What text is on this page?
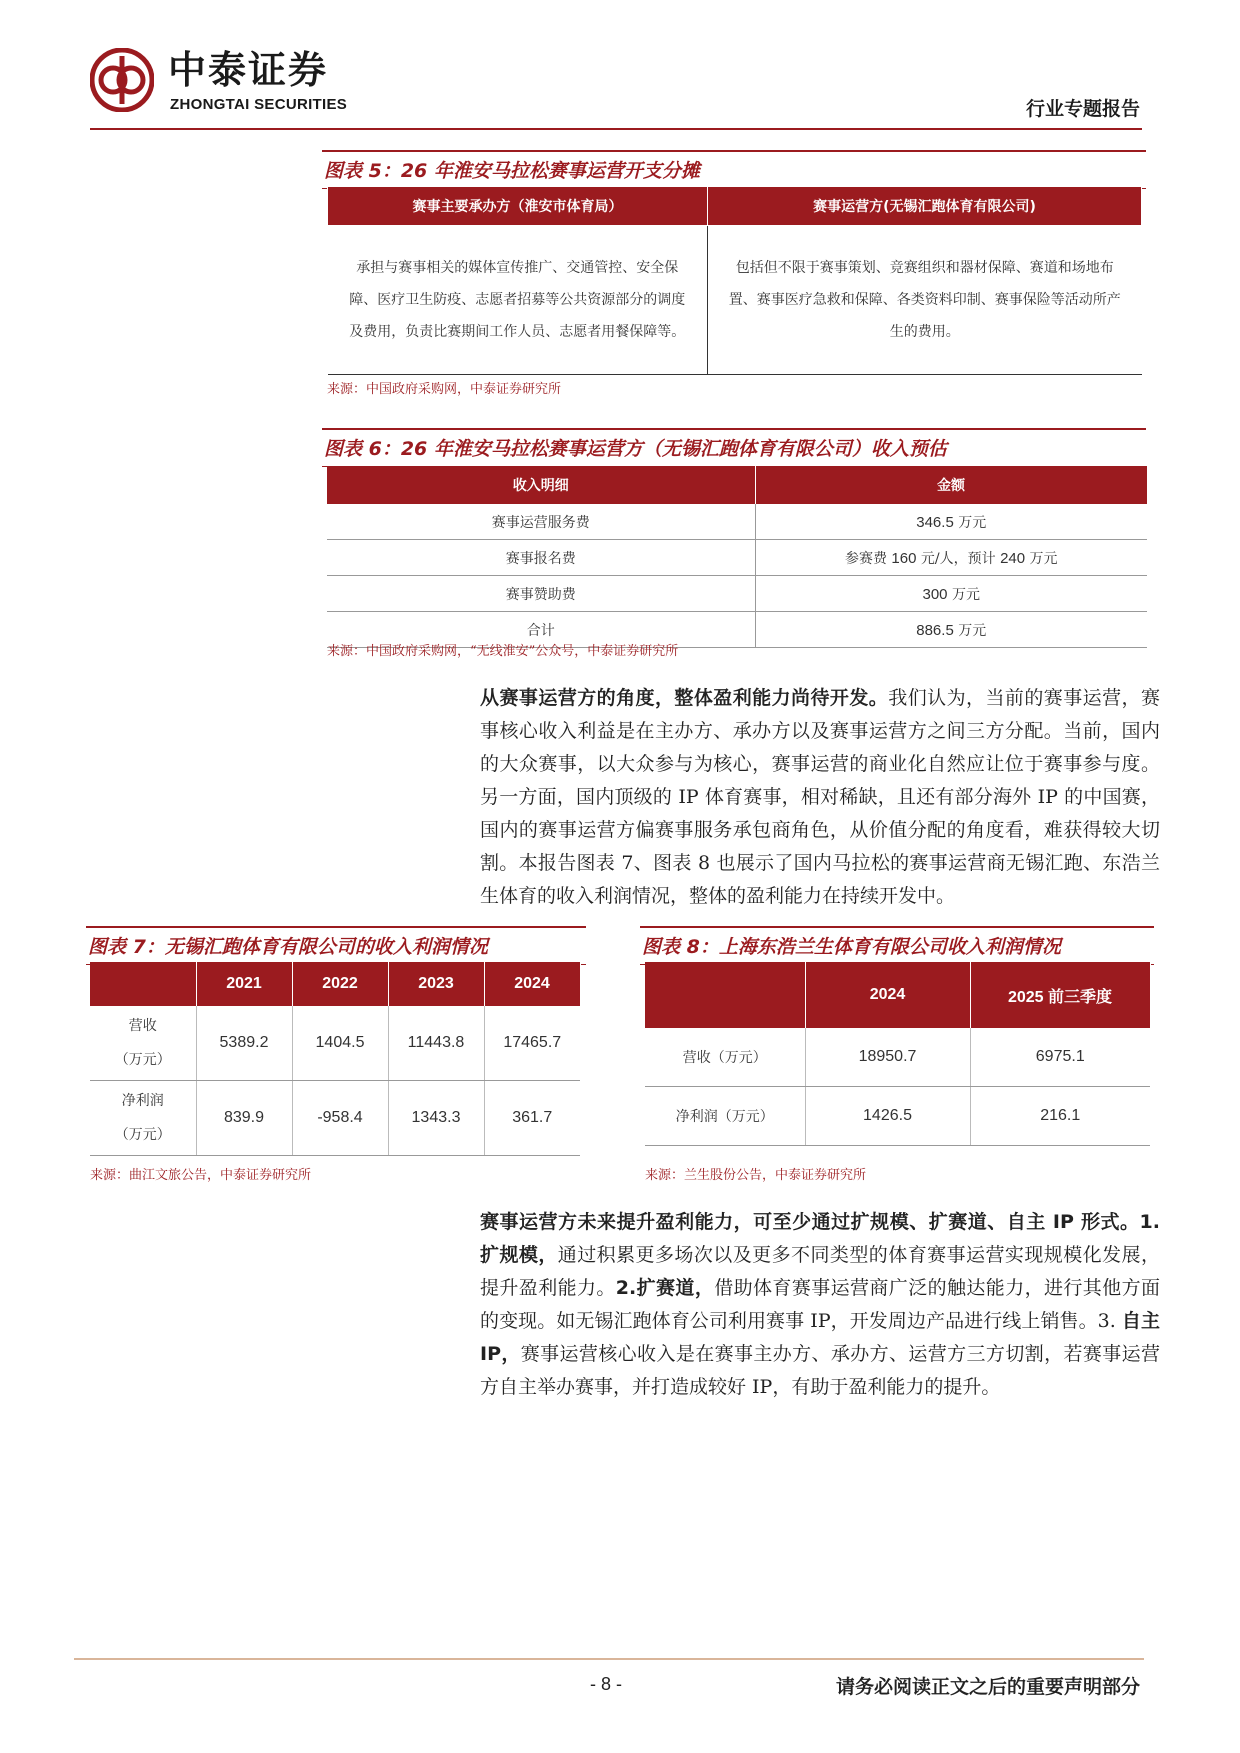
中泰证券
ZHONGTAI SECURITIES	行业专题报告
图表 5：26 年淮安马拉松赛事运营开支分摊
赛事主要承办方（淮安市体育局）	赛事运营方(无锡汇跑体育有限公司)
承担与赛事相关的媒体宣传推广、交通管控、安全保障、医疗卫生防疫、志愿者招募等公共资源部分的调度及费用，负责比赛期间工作人员、志愿者用餐保障等。	包括但不限于赛事策划、竞赛组织和器材保障、赛道和场地布置、赛事医疗急救和保障、各类资料印制、赛事保险等活动所产生的费用。
来源：中国政府采购网，中泰证券研究所
图表 6：26 年淮安马拉松赛事运营方（无锡汇跑体育有限公司）收入预估
收入明细	金额
赛事运营服务费	346.5 万元
赛事报名费	参赛费 160 元/人，预计 240 万元
赛事赞助费	300 万元
合计	886.5 万元
来源：中国政府采购网，“无线淮安”公众号，中泰证券研究所
从赛事运营方的角度，整体盈利能力尚待开发。我们认为，当前的赛事运营，赛事核心收入利益是在主办方、承办方以及赛事运营方之间三方分配。当前，国内的大众赛事，以大众参与为核心，赛事运营的商业化自然应让位于赛事参与度。另一方面，国内顶级的 IP 体育赛事，相对稀缺，且还有部分海外 IP 的中国赛，国内的赛事运营方偏赛事服务承包商角色，从价值分配的角度看，难获得较大切割。本报告图表 7、图表 8 也展示了国内马拉松的赛事运营商无锡汇跑、东浩兰生体育的收入利润情况，整体的盈利能力在持续开发中。
图表 7：无锡汇跑体育有限公司的收入利润情况
	2021	2022	2023	2024
营收
（万元）	5389.2	1404.5	11443.8	17465.7
净利润
（万元）	839.9	-958.4	1343.3	361.7
来源：曲江文旅公告，中泰证券研究所
图表 8：上海东浩兰生体育有限公司收入利润情况
	2024	2025 前三季度
营收（万元）	18950.7	6975.1
净利润（万元）	1426.5	216.1
来源：兰生股份公告，中泰证券研究所
赛事运营方未来提升盈利能力，可至少通过扩规模、扩赛道、自主 IP 形式。1.扩规模，通过积累更多场次以及更多不同类型的体育赛事运营实现规模化发展，提升盈利能力。2.扩赛道，借助体育赛事运营商广泛的触达能力，进行其他方面的变现。如无锡汇跑体育公司利用赛事 IP，开发周边产品进行线上销售。3. 自主 IP，赛事运营核心收入是在赛事主办方、承办方、运营方三方切割，若赛事运营方自主举办赛事，并打造成较好 IP，有助于盈利能力的提升。
- 8 -	请务必阅读正文之后的重要声明部分
